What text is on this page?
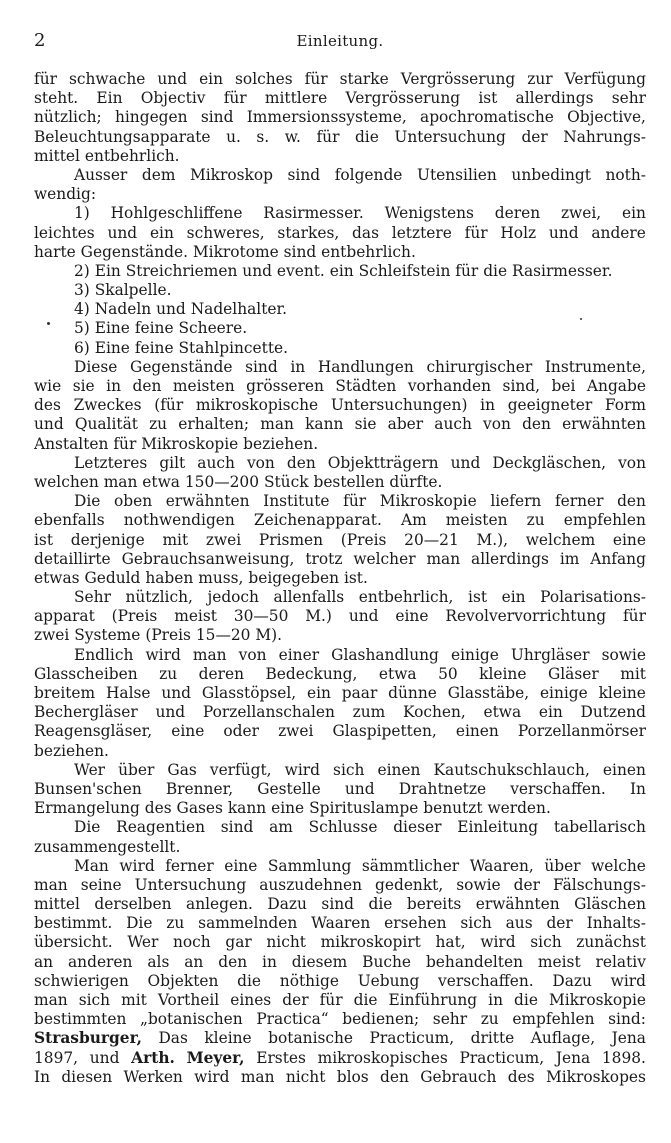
2	Einleitung.
für schwache und ein solches für starke Vergrösserung zur Verfügung
steht. Ein Objectiv für mittlere Vergrösserung ist allerdings sehr
nützlich; hingegen sind Immersionssysteme, apochromatische Objective,
Beleuchtungsapparate u. s. w. für die Untersuchung der Nahrungs-
mittel entbehrlich.
Ausser dem Mikroskop sind folgende Utensilien unbedingt noth-
wendig:
1) Hohlgeschliffene Rasirmesser. Wenigstens deren zwei, ein
leichtes und ein schweres, starkes, das letztere für Holz und andere
harte Gegenstände. Mikrotome sind entbehrlich.
2) Ein Streichriemen und event. ein Schleifstein für die Rasirmesser.
3) Skalpelle.
4) Nadeln und Nadelhalter.
5) Eine feine Scheere.
6) Eine feine Stahlpincette.
Diese Gegenstände sind in Handlungen chirurgischer Instrumente,
wie sie in den meisten grösseren Städten vorhanden sind, bei Angabe
des Zweckes (für mikroskopische Untersuchungen) in geeigneter Form
und Qualität zu erhalten; man kann sie aber auch von den erwähnten
Anstalten für Mikroskopie beziehen.
Letzteres gilt auch von den Objektträgern und Deckgläschen, von
welchen man etwa 150—200 Stück bestellen dürfte.
Die oben erwähnten Institute für Mikroskopie liefern ferner den
ebenfalls nothwendigen Zeichenapparat. Am meisten zu empfehlen
ist derjenige mit zwei Prismen (Preis 20—21 M.), welchem eine
detaillirte Gebrauchsanweisung, trotz welcher man allerdings im Anfang
etwas Geduld haben muss, beigegeben ist.
Sehr nützlich, jedoch allenfalls entbehrlich, ist ein Polarisations-
apparat (Preis meist 30—50 M.) und eine Revolvervorrichtung für
zwei Systeme (Preis 15—20 M).
Endlich wird man von einer Glashandlung einige Uhrgläser sowie
Glasscheiben zu deren Bedeckung, etwa 50 kleine Gläser mit
breitem Halse und Glasstöpsel, ein paar dünne Glasstäbe, einige kleine
Bechergläser und Porzellanschalen zum Kochen, etwa ein Dutzend
Reagensgläser, eine oder zwei Glaspipetten, einen Porzellanmörser
beziehen.
Wer über Gas verfügt, wird sich einen Kautschukschlauch, einen
Bunsen'schen Brenner, Gestelle und Drahtnetze verschaffen. In
Ermangelung des Gases kann eine Spirituslampe benutzt werden.
Die Reagentien sind am Schlusse dieser Einleitung tabellarisch
zusammengestellt.
Man wird ferner eine Sammlung sämmtlicher Waaren, über welche
man seine Untersuchung auszudehnen gedenkt, sowie der Fälschungs-
mittel derselben anlegen. Dazu sind die bereits erwähnten Gläschen
bestimmt. Die zu sammelnden Waaren ersehen sich aus der Inhalts-
übersicht. Wer noch gar nicht mikroskopirt hat, wird sich zunächst
an anderen als an den in diesem Buche behandelten meist relativ
schwierigen Objekten die nöthige Uebung verschaffen. Dazu wird
man sich mit Vortheil eines der für die Einführung in die Mikroskopie
bestimmten „botanischen Practica“ bedienen; sehr zu empfehlen sind:
Strasburger, Das kleine botanische Practicum, dritte Auflage, Jena
1897, und Arth. Meyer, Erstes mikroskopisches Practicum, Jena 1898.
In diesen Werken wird man nicht blos den Gebrauch des Mikroskopes
